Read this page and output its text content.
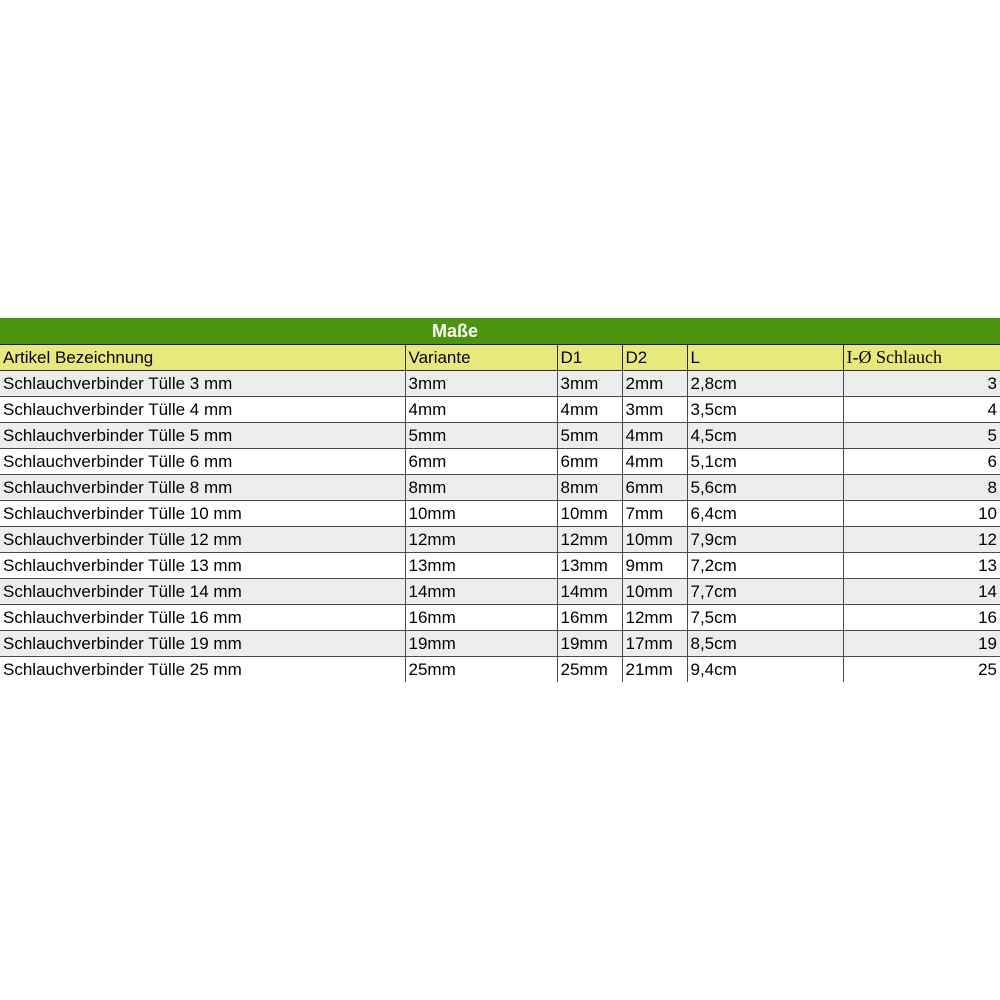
Maße
Artikel Bezeichnung	Variante	D1	D2	L	I-Ø Schlauch
Schlauchverbinder Tülle 3 mm	3mm	3mm	2mm	2,8cm	3
Schlauchverbinder Tülle 4 mm	4mm	4mm	3mm	3,5cm	4
Schlauchverbinder Tülle 5 mm	5mm	5mm	4mm	4,5cm	5
Schlauchverbinder Tülle 6 mm	6mm	6mm	4mm	5,1cm	6
Schlauchverbinder Tülle 8 mm	8mm	8mm	6mm	5,6cm	8
Schlauchverbinder Tülle 10 mm	10mm	10mm	7mm	6,4cm	10
Schlauchverbinder Tülle 12 mm	12mm	12mm	10mm	7,9cm	12
Schlauchverbinder Tülle 13 mm	13mm	13mm	9mm	7,2cm	13
Schlauchverbinder Tülle 14 mm	14mm	14mm	10mm	7,7cm	14
Schlauchverbinder Tülle 16 mm	16mm	16mm	12mm	7,5cm	16
Schlauchverbinder Tülle 19 mm	19mm	19mm	17mm	8,5cm	19
Schlauchverbinder Tülle 25 mm	25mm	25mm	21mm	9,4cm	25
